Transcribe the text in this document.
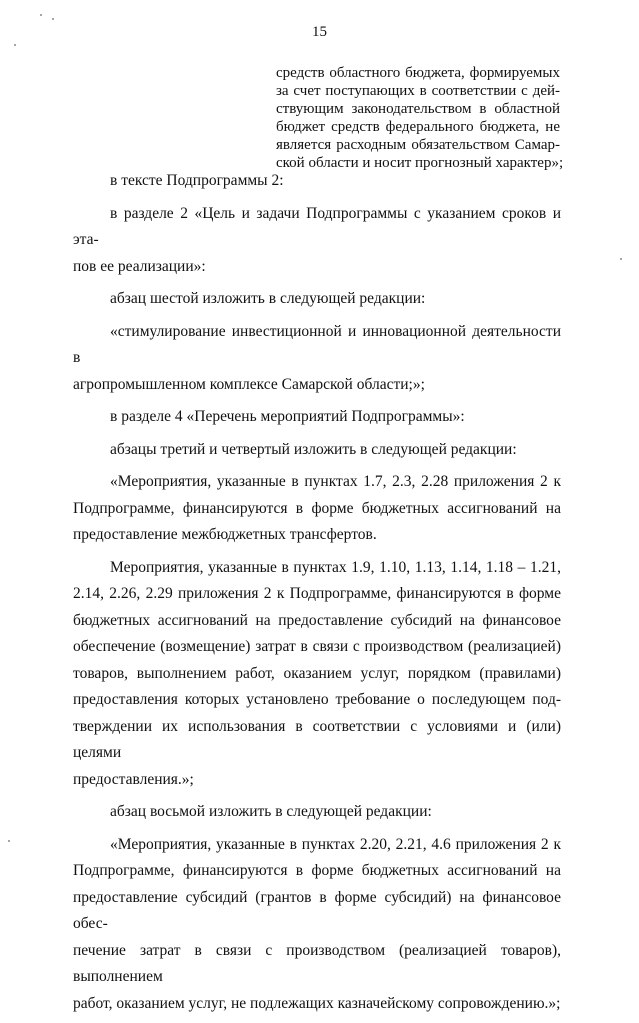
15
средств областного бюджета, формируемых
за счет поступающих в соответствии с дей-
ствующим законодательством в областной
бюджет средств федерального бюджета, не
является расходным обязательством Самар-
ской области и носит прогнозный характер»;
в тексте Подпрограммы 2:
в разделе 2 «Цель и задачи Подпрограммы с указанием сроков и эта-
пов ее реализации»:
абзац шестой изложить в следующей редакции:
«стимулирование инвестиционной и инновационной деятельности в
агропромышленном комплексе Самарской области;»;
в разделе 4 «Перечень мероприятий Подпрограммы»:
абзацы третий и четвертый изложить в следующей редакции:
«Мероприятия, указанные в пунктах 1.7, 2.3, 2.28 приложения 2 к
Подпрограмме, финансируются в форме бюджетных ассигнований на
предоставление межбюджетных трансфертов.
Мероприятия, указанные в пунктах 1.9, 1.10, 1.13, 1.14, 1.18 – 1.21,
2.14, 2.26, 2.29 приложения 2 к Подпрограмме, финансируются в форме
бюджетных ассигнований на предоставление субсидий на финансовое
обеспечение (возмещение) затрат в связи с производством (реализацией)
товаров, выполнением работ, оказанием услуг, порядком (правилами)
предоставления которых установлено требование о последующем под-
тверждении их использования в соответствии с условиями и (или) целями
предоставления.»;
абзац восьмой изложить в следующей редакции:
«Мероприятия, указанные в пунктах 2.20, 2.21, 4.6 приложения 2 к
Подпрограмме, финансируются в форме бюджетных ассигнований на
предоставление субсидий (грантов в форме субсидий) на финансовое обес-
печение затрат в связи с производством (реализацией товаров), выполнением
работ, оказанием услуг, не подлежащих казначейскому сопровождению.»;
